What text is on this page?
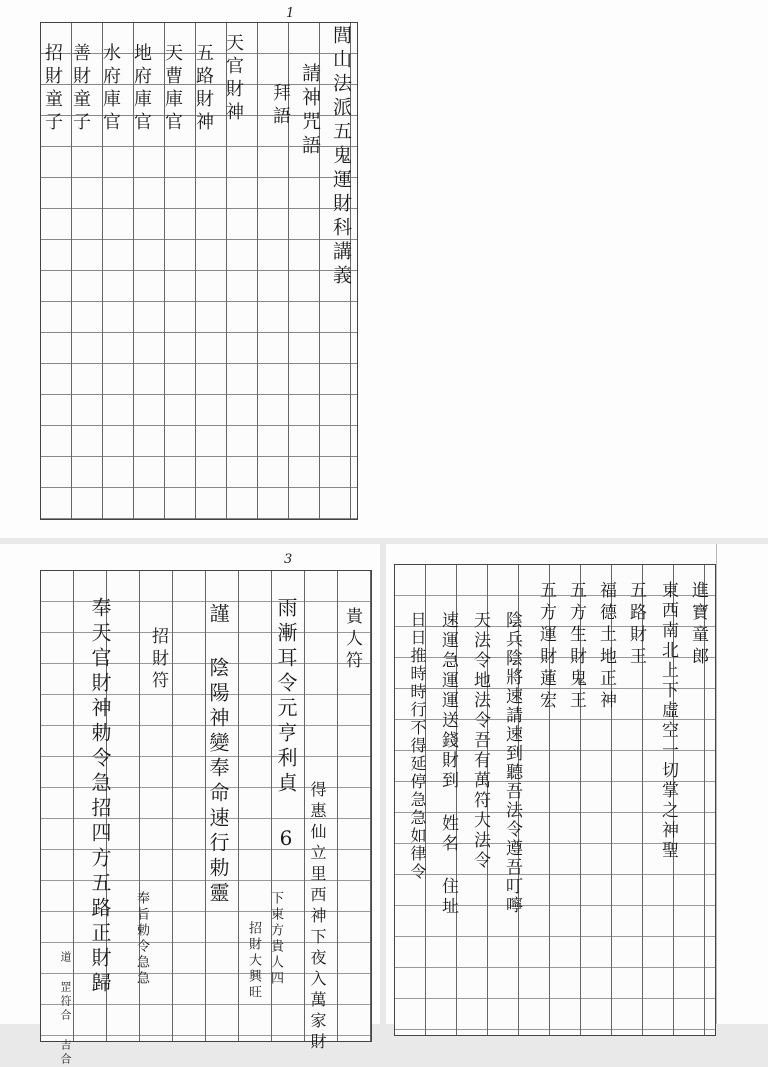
1
閭山法派五鬼運財科講義
請神咒語
拜語
天官財神
五路財神
天曹庫官
地府庫官
水府庫官
善財童子
招財童子
3
貴人符
雨漸耳令元亨利貞 6
得惠仙立里西神下夜入萬家財
下東方貴人四
招財大興旺
謹 陰陽神變奉命速行勅靈
招財符
奉天官財神勅令急招四方五路正財歸 奉旨勅令急急
道 罡符合 吉合
進寶童郎
東西南北上下虛空一切掌之神聖
五路財王
福德土地正神
五方生財鬼王
五方運財蓮宏
陰兵陰將速請速到聽吾法令遵吾叮嚀
天法令地法令吾有萬符大法令
速運急運運送錢財到 姓名 住址
日日推時時行不得延停急急如律令
